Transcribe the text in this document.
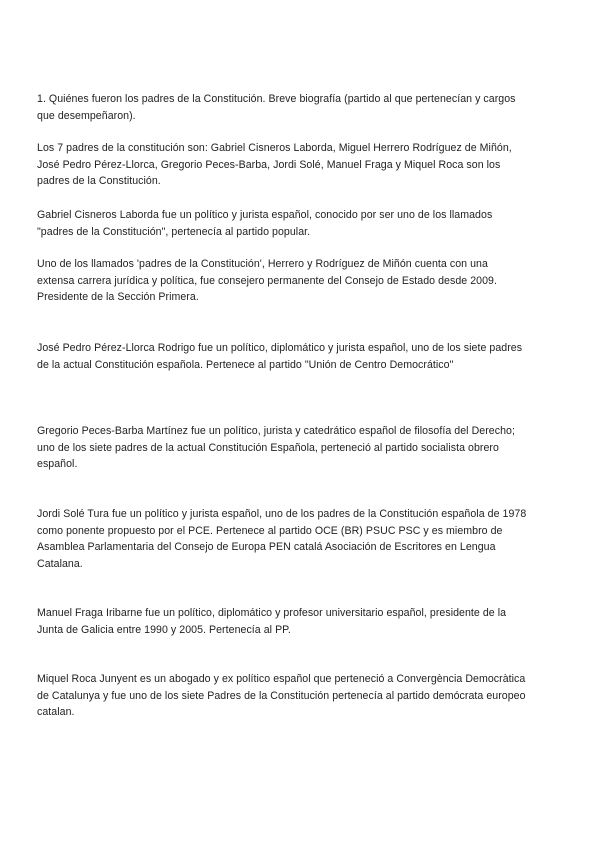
1. Quiénes fueron los padres de la Constitución. Breve biografía (partido al que pertenecían y cargos que desempeñaron).

Los 7 padres de la constitución son: Gabriel Cisneros Laborda, Miguel Herrero Rodríguez de Miñón, José Pedro Pérez-Llorca, Gregorio Peces-Barba, Jordi Solé, Manuel Fraga y Miquel Roca son los padres de la Constitución.

Gabriel Cisneros Laborda fue un político y jurista español, conocido por ser uno de los llamados "padres de la Constitución", pertenecía al partido popular.

Uno de los llamados 'padres de la Constitución', Herrero y Rodríguez de Miñón cuenta con una extensa carrera jurídica y política, fue consejero permanente del Consejo de Estado desde 2009. Presidente de la Sección Primera.

José Pedro Pérez-Llorca Rodrigo fue un político, diplomático y jurista español, uno de los siete padres de la actual Constitución española. Pertenece al partido "Unión de Centro Democrático"

Gregorio Peces-Barba Martínez fue un político, jurista y catedrático español de filosofía del Derecho; uno de los siete padres de la actual Constitución Española, perteneció al partido socialista obrero español.

Jordi Solé Tura fue un político y jurista español, uno de los padres de la Constitución española de 1978 como ponente propuesto por el PCE. Pertenece al partido OCE (BR) PSUC PSC y es miembro de Asamblea Parlamentaria del Consejo de Europa PEN catalá Asociación de Escritores en Lengua Catalana.

Manuel Fraga Iribarne fue un político, diplomático y profesor universitario español, presidente de la Junta de Galicia entre 1990 y 2005. Pertenecía al PP.

Miquel Roca Junyent es un abogado y ex político español que perteneció a Convergència Democràtica de Catalunya y fue uno de los siete Padres de la Constitución pertenecía al partido demócrata europeo catalan.
